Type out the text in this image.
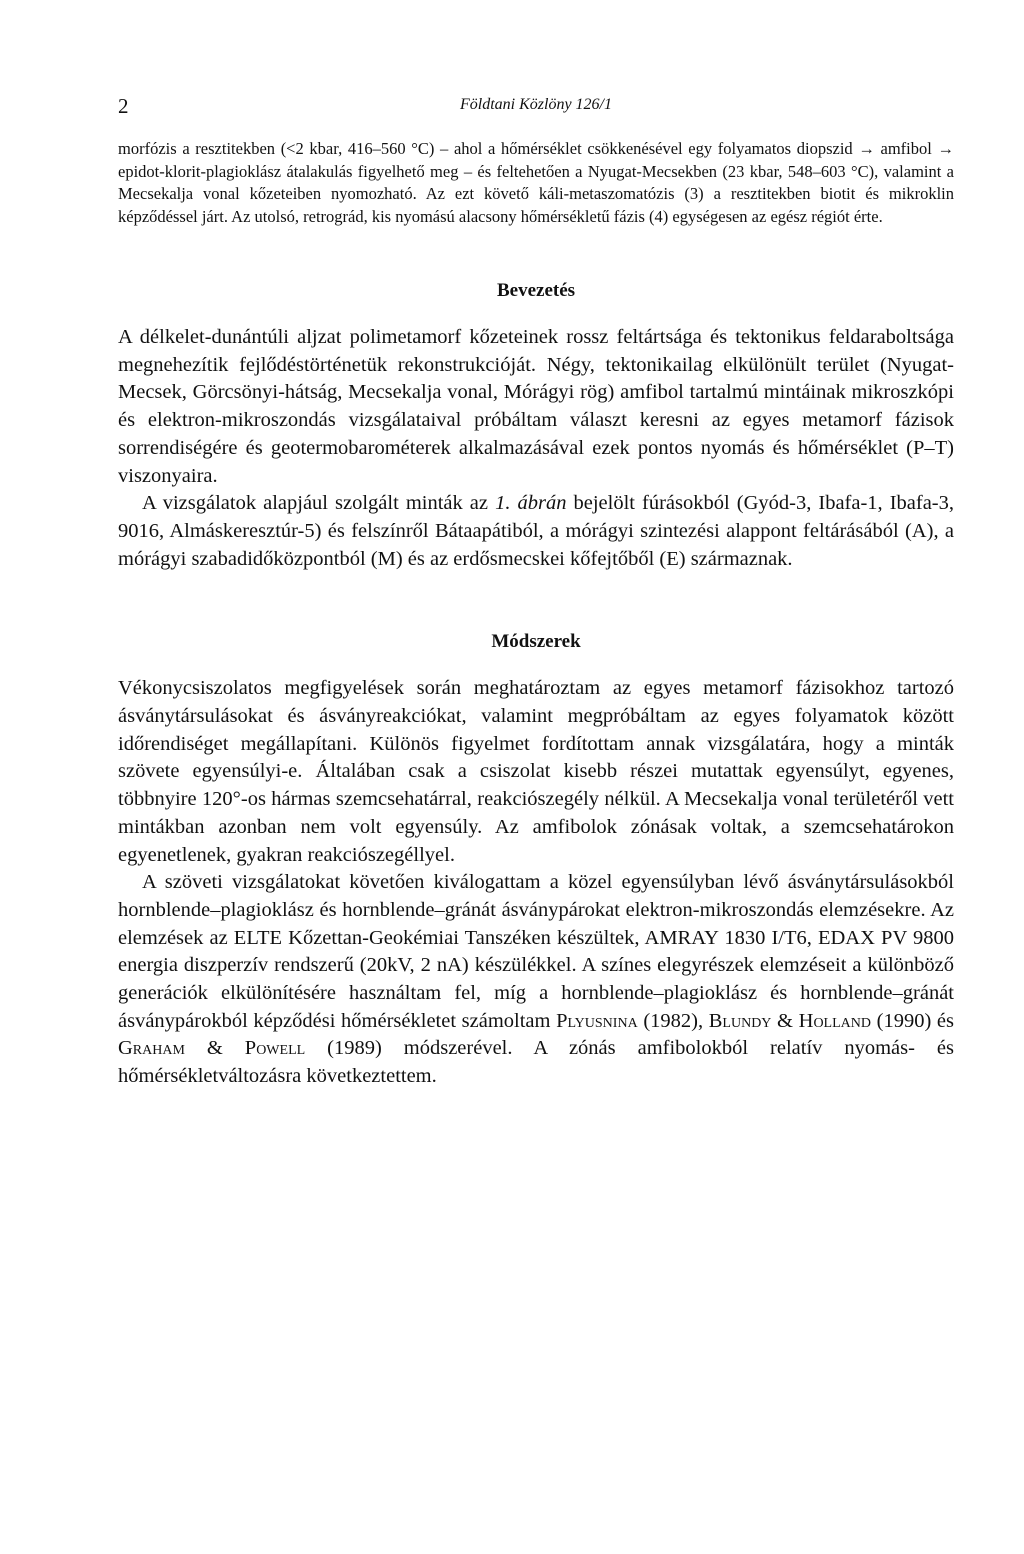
2	Földtani Közlöny 126/1

morfózis a resztitekben (<2 kbar, 416–560 °C) – ahol a hőmérséklet csökkenésével egy folyamatos diopszid → amfibol → epidot-klorit-plagioklász átalakulás figyelhető meg – és feltehetően a Nyugat-Mecsekben (23 kbar, 548–603 °C), valamint a Mecsekalja vonal kőzeteiben nyomozható. Az ezt követő káli-metaszomatózis (3) a resztitekben biotit és mikroklin képződéssel járt. Az utolsó, retrográd, kis nyomású alacsony hőmérsékletű fázis (4) egységesen az egész régiót érte.

Bevezetés

A délkelet-dunántúli aljzat polimetamorf kőzeteinek rossz feltártsága és tektonikus feldaraboltsága megnehezítik fejlődéstörténetük rekonstrukcióját. Négy, tektonikailag elkülönült terület (Nyugat-Mecsek, Görcsönyi-hátság, Mecsekalja vonal, Mórágyi rög) amfibol tartalmú mintáinak mikroszkópi és elektron-mikroszondás vizsgálataival próbáltam választ keresni az egyes metamorf fázisok sorrendiségére és geotermobarométerek alkalmazásával ezek pontos nyomás és hőmérséklet (P–T) viszonyaira.

A vizsgálatok alapjául szolgált minták az 1. ábrán bejelölt fúrásokból (Gyód-3, Ibafa-1, Ibafa-3, 9016, Almáskeresztúr-5) és felszínről Bátaapátiból, a mórágyi szintezési alappont feltárásából (A), a mórágyi szabadidőközpontból (M) és az erdősmecskei kőfejtőből (E) származnak.

Módszerek

Vékonycsiszolatos megfigyelések során meghatároztam az egyes metamorf fázisokhoz tartozó ásványtársulásokat és ásványreakciókat, valamint megpróbáltam az egyes folyamatok között időrendiséget megállapítani. Különös figyelmet fordítottam annak vizsgálatára, hogy a minták szövete egyensúlyi-e. Általában csak a csiszolat kisebb részei mutattak egyensúlyt, egyenes, többnyire 120°-os hármas szemcsehatárral, reakciószegély nélkül. A Mecsekalja vonal területéről vett mintákban azonban nem volt egyensúly. Az amfibolok zónásak voltak, a szemcsehatárokon egyenetlenek, gyakran reakciószegéllyel.

A szöveti vizsgálatokat követően kiválogattam a közel egyensúlyban lévő ásványtársulásokból hornblende–plagioklász és hornblende–gránát ásványpárokat elektron-mikroszondás elemzésekre. Az elemzések az ELTE Kőzettan-Geokémiai Tanszéken készültek, AMRAY 1830 I/T6, EDAX PV 9800 energia diszperzív rendszerű (20kV, 2 nA) készülékkel. A színes elegyrészek elemzéseit a különböző generációk elkülönítésére használtam fel, míg a hornblende–plagioklász és hornblende–gránát ásványpárokból képződési hőmérsékletet számoltam Plyusnina (1982), Blundy & Holland (1990) és Graham & Powell (1989) módszerével. A zónás amfibolokból relatív nyomás- és hőmérsékletváltozásra következtettem.
